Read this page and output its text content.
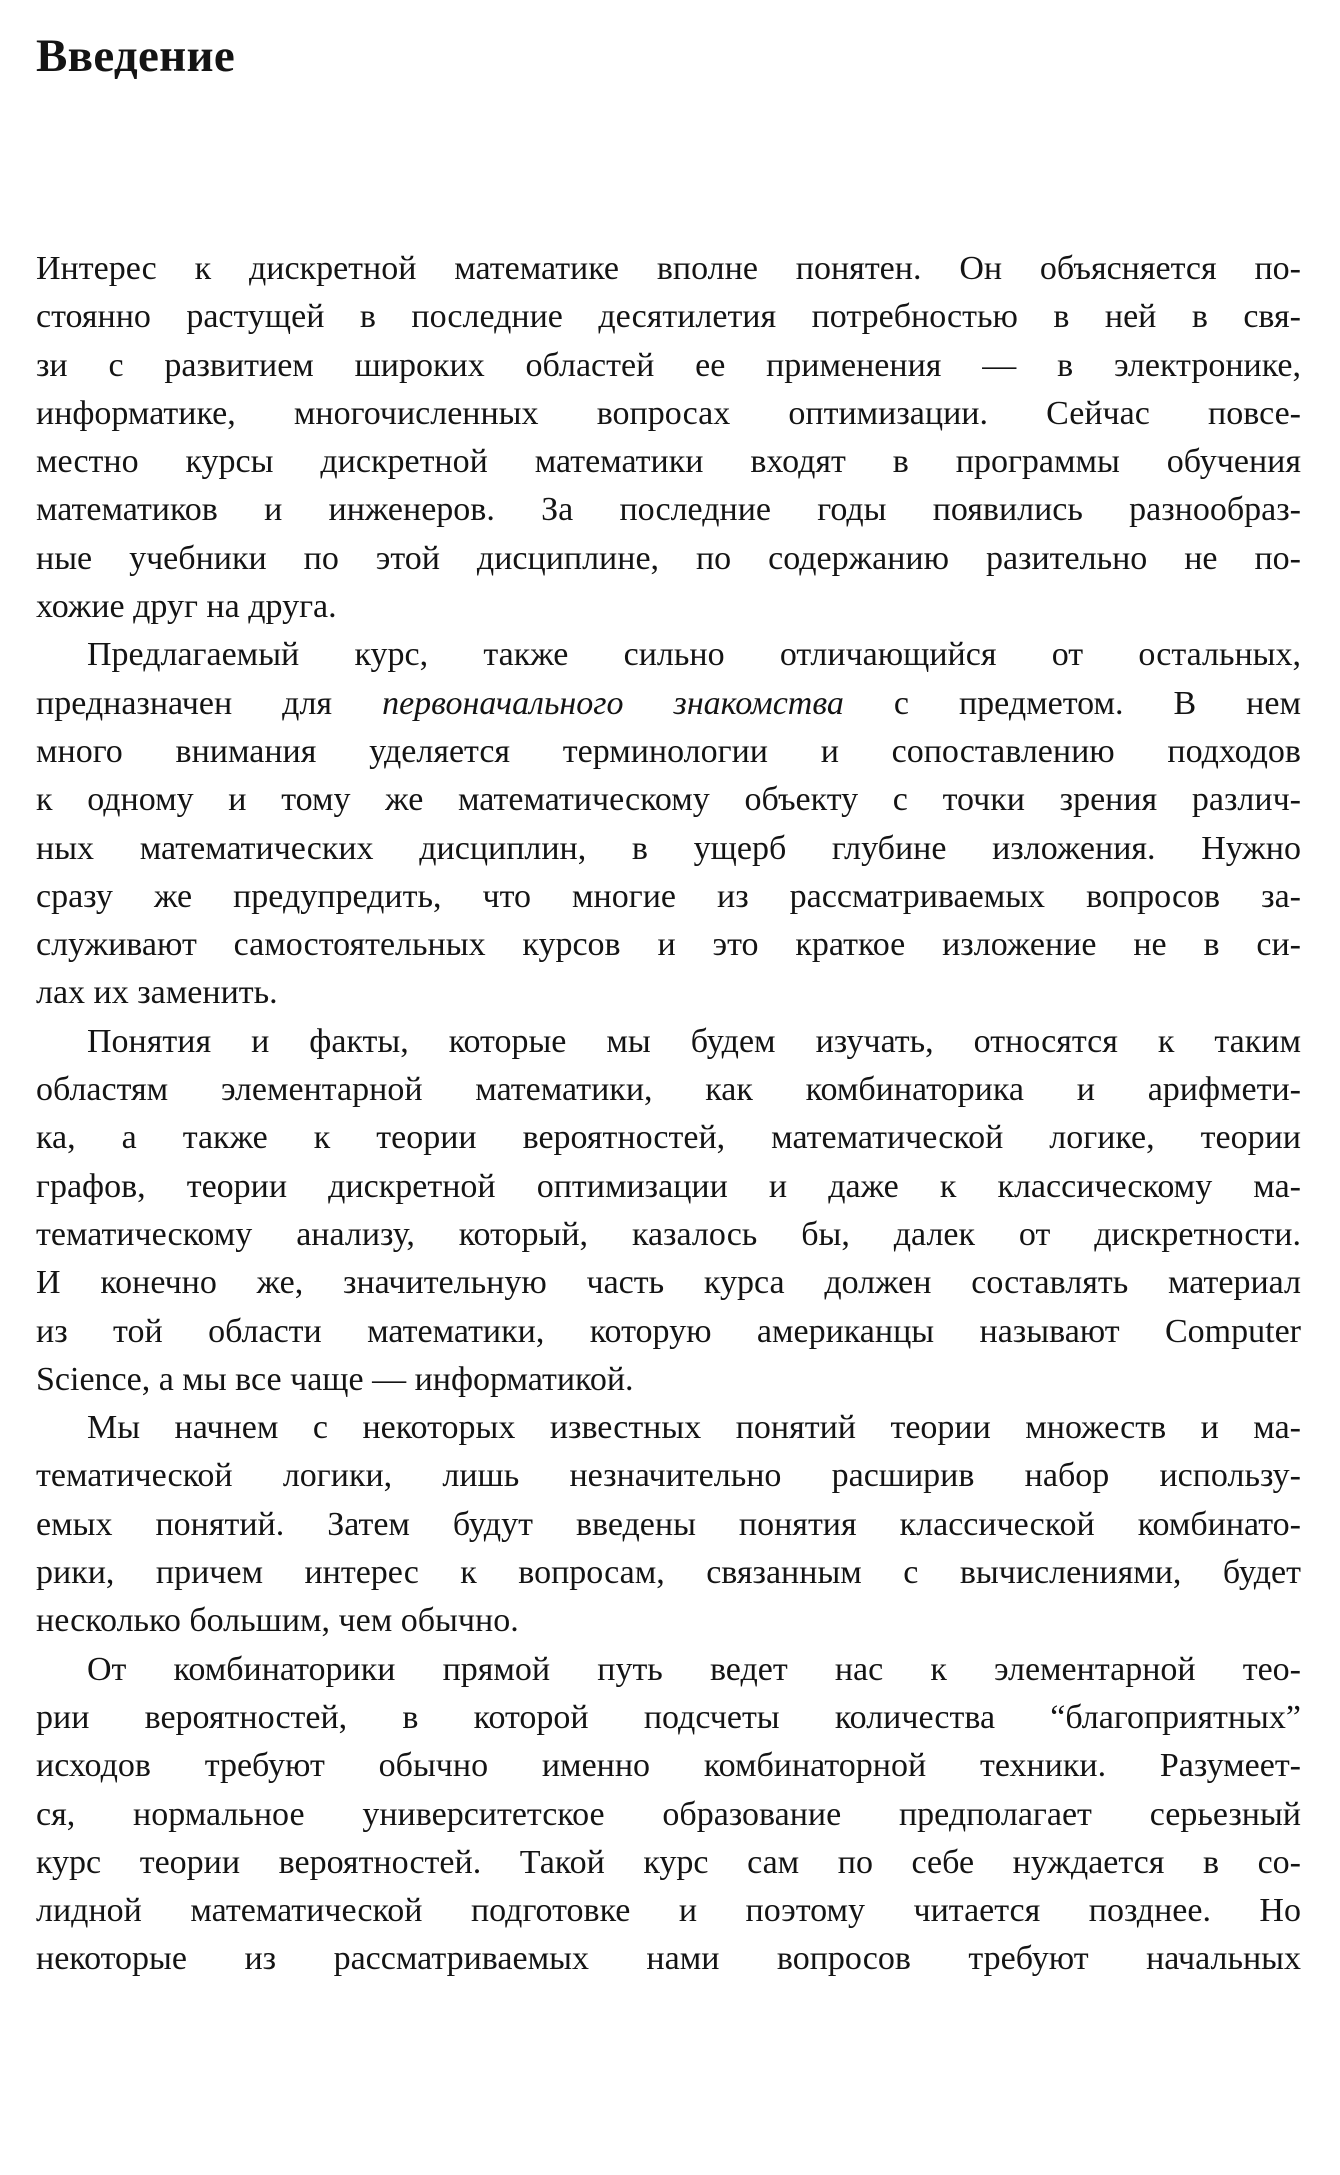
Введение

Интерес к дискретной математике вполне понятен. Он объясняется по-
стоянно растущей в последние десятилетия потребностью в ней в свя-
зи с развитием широких областей ее применения — в электронике,
информатике, многочисленных вопросах оптимизации. Сейчас повсе-
местно курсы дискретной математики входят в программы обучения
математиков и инженеров. За последние годы появились разнообраз-
ные учебники по этой дисциплине, по содержанию разительно не по-
хожие друг на друга.

Предлагаемый курс, также сильно отличающийся от остальных,
предназначен для первоначального знакомства с предметом. В нем
много внимания уделяется терминологии и сопоставлению подходов
к одному и тому же математическому объекту с точки зрения различ-
ных математических дисциплин, в ущерб глубине изложения. Нужно
сразу же предупредить, что многие из рассматриваемых вопросов за-
служивают самостоятельных курсов и это краткое изложение не в си-
лах их заменить.

Понятия и факты, которые мы будем изучать, относятся к таким
областям элементарной математики, как комбинаторика и арифмети-
ка, а также к теории вероятностей, математической логике, теории
графов, теории дискретной оптимизации и даже к классическому ма-
тематическому анализу, который, казалось бы, далек от дискретности.
И конечно же, значительную часть курса должен составлять материал
из той области математики, которую американцы называют Computer
Science, а мы все чаще — информатикой.

Мы начнем с некоторых известных понятий теории множеств и ма-
тематической логики, лишь незначительно расширив набор использу-
емых понятий. Затем будут введены понятия классической комбинато-
рики, причем интерес к вопросам, связанным с вычислениями, будет
несколько большим, чем обычно.

От комбинаторики прямой путь ведет нас к элементарной тео-
рии вероятностей, в которой подсчеты количества “благоприятных”
исходов требуют обычно именно комбинаторной техники. Разумеет-
ся, нормальное университетское образование предполагает серьезный
курс теории вероятностей. Такой курс сам по себе нуждается в со-
лидной математической подготовке и поэтому читается позднее. Но
некоторые из рассматриваемых нами вопросов требуют начальных
